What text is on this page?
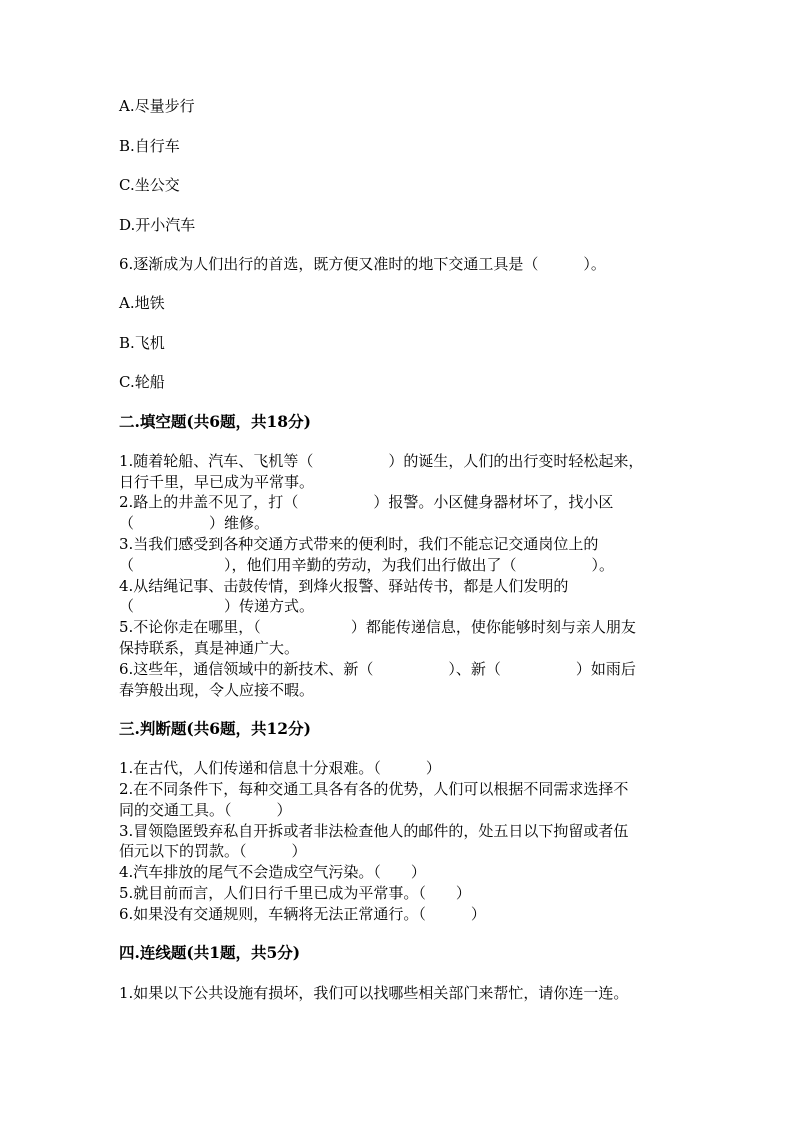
A.尽量步行
B.自行车
C.坐公交
D.开小汽车
6.逐渐成为人们出行的首选，既方便又准时的地下交通工具是（　　　）。
A.地铁
B.飞机
C.轮船
二.填空题(共6题，共18分)
1.随着轮船、汽车、飞机等（　　　　　）的诞生，人们的出行变时轻松起来，
日行千里，早已成为平常事。
2.路上的井盖不见了，打（　　　　　）报警。小区健身器材坏了，找小区
（　　　　　）维修。
3.当我们感受到各种交通方式带来的便利时，我们不能忘记交通岗位上的
（　　　　　　），他们用辛勤的劳动，为我们出行做出了（　　　　　）。
4.从结绳记事、击鼓传情，到烽火报警、驿站传书，都是人们发明的
（　　　　　　）传递方式。
5.不论你走在哪里，（　　　　　　）都能传递信息，使你能够时刻与亲人朋友
保持联系，真是神通广大。
6.这些年，通信领域中的新技术、新（　　　　　）、新（　　　　　）如雨后
春笋般出现，令人应接不暇。
三.判断题(共6题，共12分)
1.在古代，人们传递和信息十分艰难。（　　　）
2.在不同条件下，每种交通工具各有各的优势，人们可以根据不同需求选择不
同的交通工具。（　　　）
3.冒领隐匿毁弃私自开拆或者非法检查他人的邮件的，处五日以下拘留或者伍
佰元以下的罚款。（　　　）
4.汽车排放的尾气不会造成空气污染。（　　）
5.就目前而言，人们日行千里已成为平常事。（　　）
6.如果没有交通规则，车辆将无法正常通行。（　　　）
四.连线题(共1题，共5分)
1.如果以下公共设施有损坏，我们可以找哪些相关部门来帮忙，请你连一连。
